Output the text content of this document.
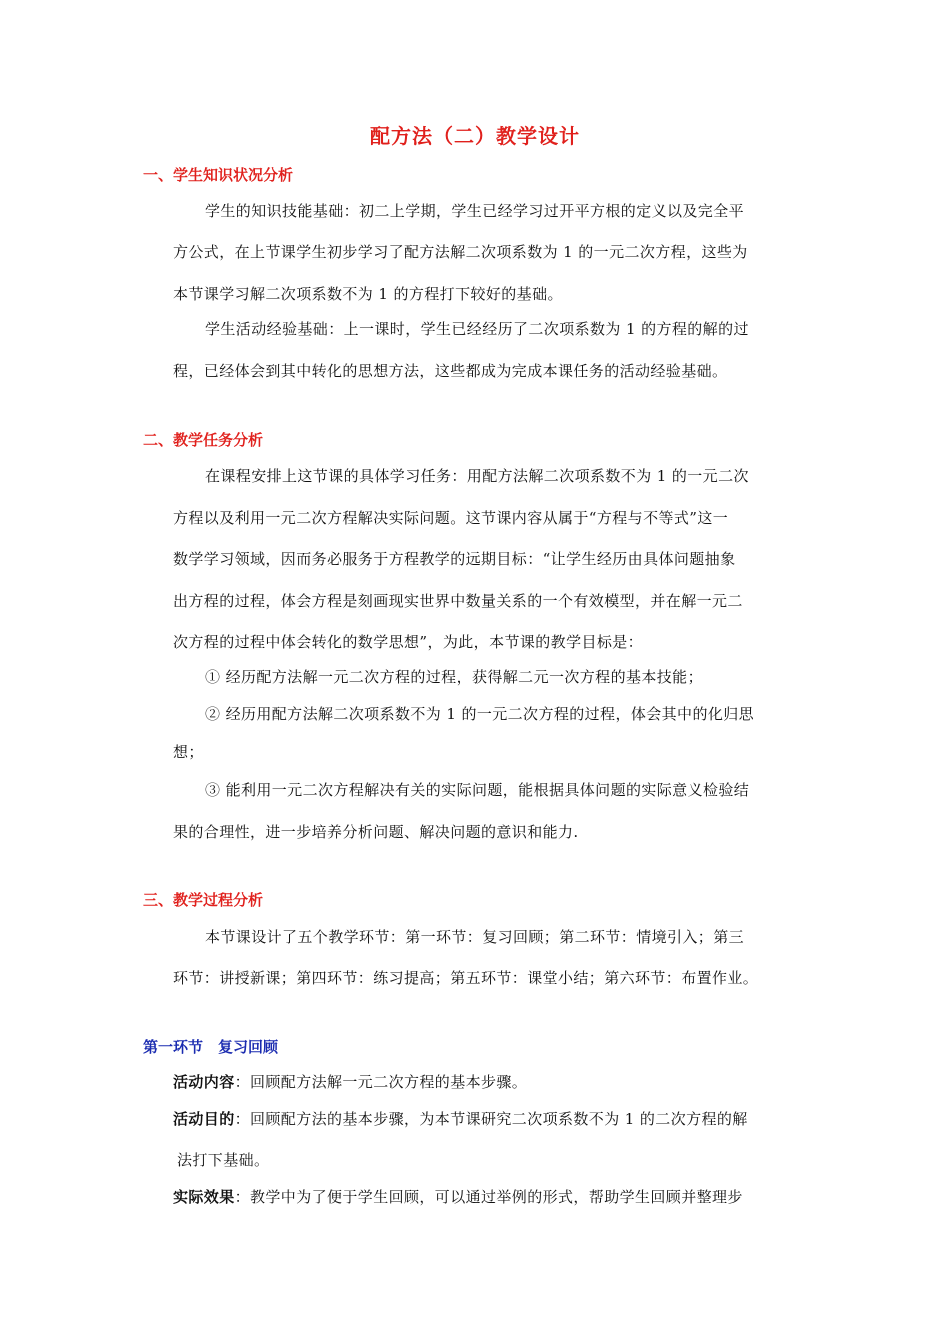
配方法（二）教学设计
一、学生知识状况分析
学生的知识技能基础：初二上学期，学生已经学习过开平方根的定义以及完全平
方公式，在上节课学生初步学习了配方法解二次项系数为 1 的一元二次方程，这些为
本节课学习解二次项系数不为 1 的方程打下较好的基础。
学生活动经验基础：上一课时，学生已经经历了二次项系数为 1 的方程的解的过
程，已经体会到其中转化的思想方法，这些都成为完成本课任务的活动经验基础。
二、教学任务分析
在课程安排上这节课的具体学习任务：用配方法解二次项系数不为 1 的一元二次
方程以及利用一元二次方程解决实际问题。这节课内容从属于“方程与不等式”这一
数学学习领域，因而务必服务于方程教学的远期目标：“让学生经历由具体问题抽象
出方程的过程，体会方程是刻画现实世界中数量关系的一个有效模型，并在解一元二
次方程的过程中体会转化的数学思想”，为此，本节课的教学目标是：
① 经历配方法解一元二次方程的过程，获得解二元一次方程的基本技能；
② 经历用配方法解二次项系数不为 1 的一元二次方程的过程，体会其中的化归思
想；
③ 能利用一元二次方程解决有关的实际问题，能根据具体问题的实际意义检验结
果的合理性，进一步培养分析问题、解决问题的意识和能力.
三、教学过程分析
本节课设计了五个教学环节：第一环节：复习回顾；第二环节：情境引入；第三
环节：讲授新课；第四环节：练习提高；第五环节：课堂小结；第六环节：布置作业。
第一环节　复习回顾
活动内容：回顾配方法解一元二次方程的基本步骤。
活动目的：回顾配方法的基本步骤，为本节课研究二次项系数不为 1 的二次方程的解
法打下基础。
实际效果：教学中为了便于学生回顾，可以通过举例的形式，帮助学生回顾并整理步
